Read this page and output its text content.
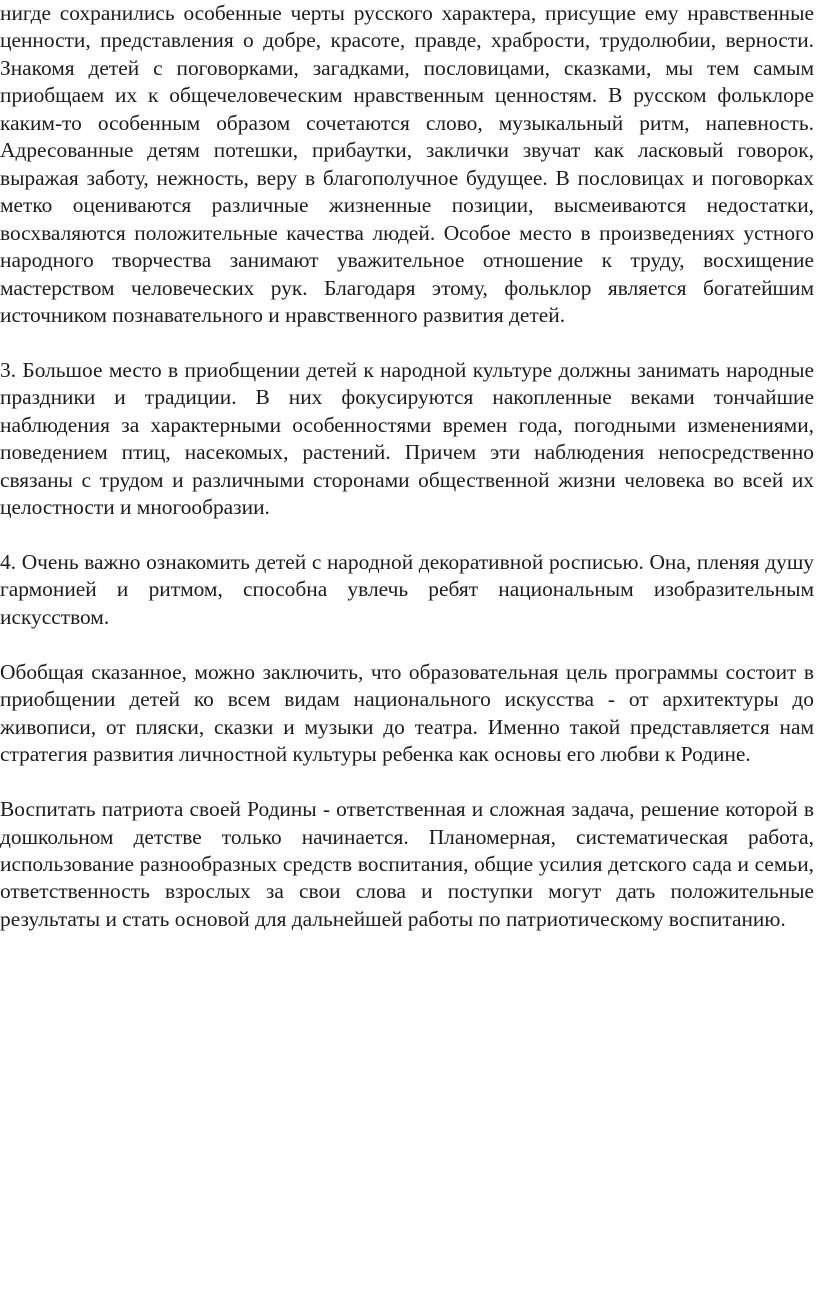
нигде сохранились особенные черты русского характера, присущие ему нравственные ценности, представления о добре, красоте, правде, храбрости, трудолюбии, верности. Знакомя детей с поговорками, загадками, пословицами, сказками, мы тем самым приобщаем их к общечеловеческим нравственным ценностям. В русском фольклоре каким-то особенным образом сочетаются слово, музыкальный ритм, напевность. Адресованные детям потешки, прибаутки, заклички звучат как ласковый говорок, выражая заботу, нежность, веру в благополучное будущее. В пословицах и поговорках метко оцениваются различные жизненные позиции, высмеиваются недостатки, восхваляются положительные качества людей. Особое место в произведениях устного народного творчества занимают уважительное отношение к труду, восхищение мастерством человеческих рук. Благодаря этому, фольклор является богатейшим источником познавательного и нравственного развития детей.

3. Большое место в приобщении детей к народной культуре должны занимать народные праздники и традиции. В них фокусируются накопленные веками тончайшие наблюдения за характерными особенностями времен года, погодными изменениями, поведением птиц, насекомых, растений. Причем эти наблюдения непосредственно связаны с трудом и различными сторонами общественной жизни человека во всей их целостности и многообразии.

4. Очень важно ознакомить детей с народной декоративной росписью. Она, пленяя душу гармонией и ритмом, способна увлечь ребят национальным изобразительным искусством.

Обобщая сказанное, можно заключить, что образовательная цель программы состоит в приобщении детей ко всем видам национального искусства - от архитектуры до живописи, от пляски, сказки и музыки до театра. Именно такой представляется нам стратегия развития личностной культуры ребенка как основы его любви к Родине.

Воспитать патриота своей Родины - ответственная и сложная задача, решение которой в дошкольном детстве только начинается. Планомерная, систематическая работа, использование разнообразных средств воспитания, общие усилия детского сада и семьи, ответственность взрослых за свои слова и поступки могут дать положительные результаты и стать основой для дальнейшей работы по патриотическому воспитанию.
